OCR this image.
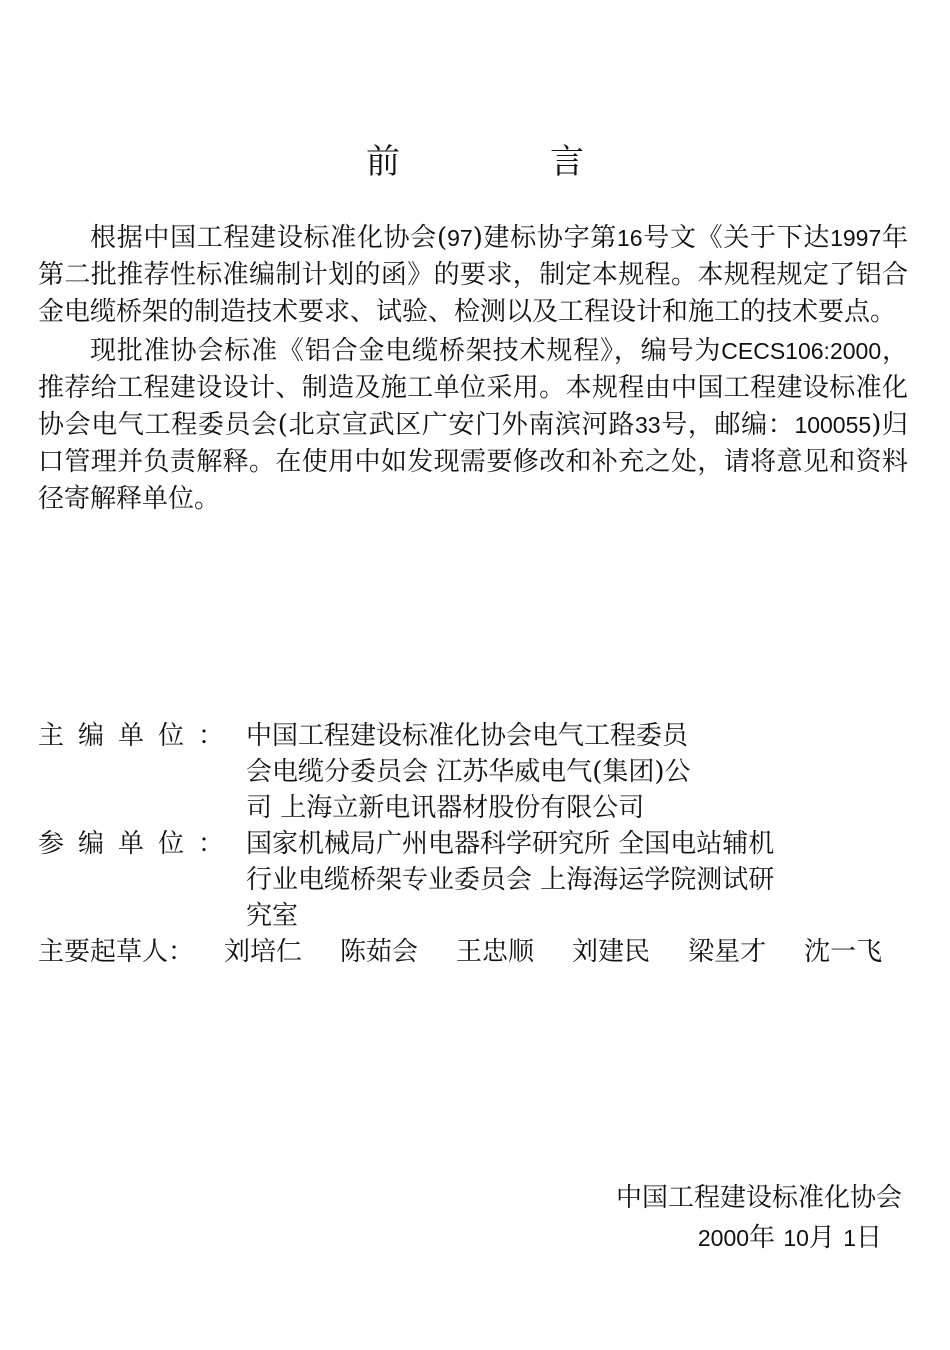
前	言

根据中国工程建设标准化协会(97)建标协字第16号文《关于下达1997年第二批推荐性标准编制计划的函》的要求，制定本规程。本规程规定了铝合金电缆桥架的制造技术要求、试验、检测以及工程设计和施工的技术要点。

现批准协会标准《铝合金电缆桥架技术规程》，编号为CECS106:2000，推荐给工程建设设计、制造及施工单位采用。本规程由中国工程建设标准化协会电气工程委员会(北京宣武区广安门外南滨河路33号，邮编：100055)归口管理并负责解释。在使用中如发现需要修改和补充之处，请将意见和资料径寄解释单位。

主编单位： 中国工程建设标准化协会电气工程委员会电缆分委员会 江苏华威电气(集团)公司 上海立新电讯器材股份有限公司
参编单位： 国家机械局广州电器科学研究所 全国电站辅机行业电缆桥架专业委员会 上海海运学院测试研究室
主要起草人：	刘培仁 陈茹会 王忠顺 刘建民 梁星才 沈一飞
中国工程建设标准化协会
2000年 10月 1日
